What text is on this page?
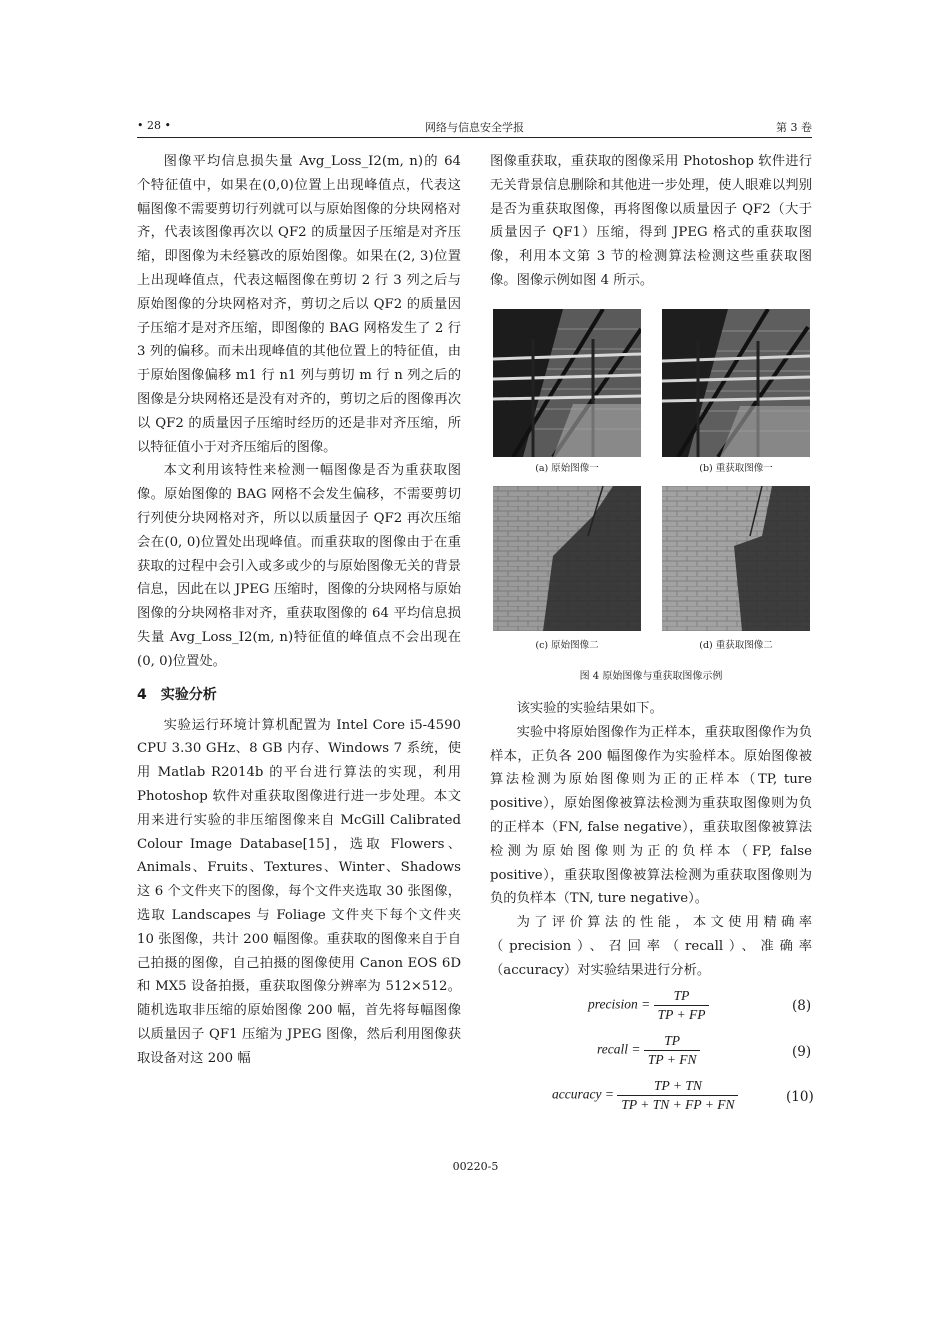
• 28 •	网络与信息安全学报	第 3 卷

图像平均信息损失量 Avg_Loss_I2(m, n)的 64 个特征值中，如果在(0,0)位置上出现峰值点，代表这幅图像不需要剪切行列就可以与原始图像的分块网格对齐，代表该图像再次以 QF2 的质量因子压缩是对齐压缩，即图像为未经篡改的原始图像。如果在(2, 3)位置上出现峰值点，代表这幅图像在剪切 2 行 3 列之后与原始图像的分块网格对齐，剪切之后以 QF2 的质量因子压缩才是对齐压缩，即图像的 BAG 网格发生了 2 行 3 列的偏移。而未出现峰值的其他位置上的特征值，由于原始图像偏移 m1 行 n1 列与剪切 m 行 n 列之后的图像是分块网格还是没有对齐的，剪切之后的图像再次以 QF2 的质量因子压缩时经历的还是非对齐压缩，所以特征值小于对齐压缩后的图像。

本文利用该特性来检测一幅图像是否为重获取图像。原始图像的 BAG 网格不会发生偏移，不需要剪切行列使分块网格对齐，所以以质量因子 QF2 再次压缩会在(0, 0)位置处出现峰值。而重获取的图像由于在重获取的过程中会引入或多或少的与原始图像无关的背景信息，因此在以 JPEG 压缩时，图像的分块网格与原始图像的分块网格非对齐，重获取图像的 64 平均信息损失量 Avg_Loss_I2(m, n)特征值的峰值点不会出现在(0, 0)位置处。

4 实验分析

实验运行环境计算机配置为 Intel Core i5-4590 CPU 3.30 GHz、8 GB 内存、Windows 7 系统，使用 Matlab R2014b 的平台进行算法的实现，利用 Photoshop 软件对重获取图像进行进一步处理。本文用来进行实验的非压缩图像来自 McGill Calibrated Colour Image Database[15]，选取 Flowers、Animals、Fruits、Textures、Winter、Shadows 这 6 个文件夹下的图像，每个文件夹选取 30 张图像，选取 Landscapes 与 Foliage 文件夹下每个文件夹 10 张图像，共计 200 幅图像。重获取的图像来自于自己拍摄的图像，自己拍摄的图像使用 Canon EOS 6D 和 MX5 设备拍摄，重获取图像分辨率为 512×512。随机选取非压缩的原始图像 200 幅，首先将每幅图像以质量因子 QF1 压缩为 JPEG 图像，然后利用图像获取设备对这 200 幅

图像重获取，重获取的图像采用 Photoshop 软件进行无关背景信息删除和其他进一步处理，使人眼难以判别是否为重获取图像，再将图像以质量因子 QF2（大于质量因子 QF1）压缩，得到 JPEG 格式的重获取图像，利用本文第 3 节的检测算法检测这些重获取图像。图像示例如图 4 所示。

(a) 原始图像一	(b) 重获取图像一
(c) 原始图像二	(d) 重获取图像二
图 4 原始图像与重获取图像示例

该实验的实验结果如下。

实验中将原始图像作为正样本，重获取图像作为负样本，正负各 200 幅图像作为实验样本。原始图像被算法检测为原始图像则为正的正样本（TP, ture positive），原始图像被算法检测为重获取图像则为负的正样本（FN, false negative），重获取图像被算法检测为原始图像则为正的负样本（FP, false positive），重获取图像被算法检测为重获取图像则为负的负样本（TN, ture negative）。

为了评价算法的性能，本文使用精确率（precision）、召回率（recall）、准确率（accuracy）对实验结果进行分析。

precision = $\frac{TP}{TP + FP}$	(8)
recall = $\frac{TP}{TP + FN}$	(9)
accuracy = $\frac{TP + TN}{TP + TN + FP + FN}$	(10)
00220-5
